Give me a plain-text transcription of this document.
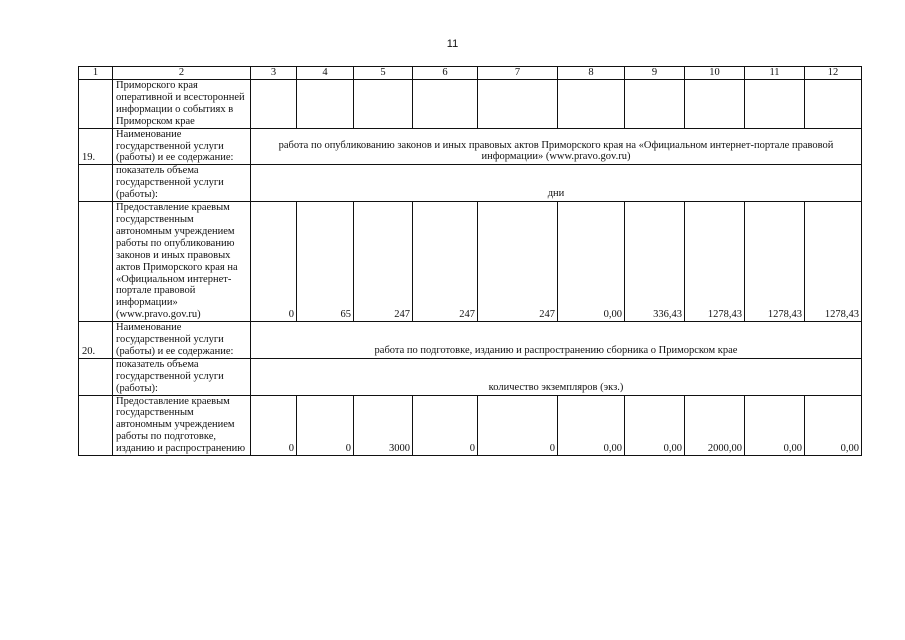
11
1	2	3	4	5	6	7	8	9	10	11	12
	Приморского края оперативной и всесторонней информации о событиях в Приморском крае										
19.	Наименование государственной услуги (работы) и ее содержание:	работа по опубликованию законов и иных правовых актов Приморского края на «Официальном интернет-портале правовой информации» (www.pravo.gov.ru)									
	показатель объема государственной услуги (работы):	дни									
	Предоставление краевым государственным автономным учреждением работы по опубликованию законов и иных правовых актов Приморского края на «Официальном интернет-портале правовой информации» (www.pravo.gov.ru)	0	65	247	247	247	0,00	336,43	1278,43	1278,43	1278,43
20.	Наименование государственной услуги (работы) и ее содержание:	работа по подготовке, изданию и распространению сборника о Приморском крае									
	показатель объема государственной услуги (работы):	количество экземпляров (экз.)									
	Предоставление краевым государственным автономным учреждением работы по подготовке, изданию и распространению	0	0	3000	0	0	0,00	0,00	2000,00	0,00	0,00
